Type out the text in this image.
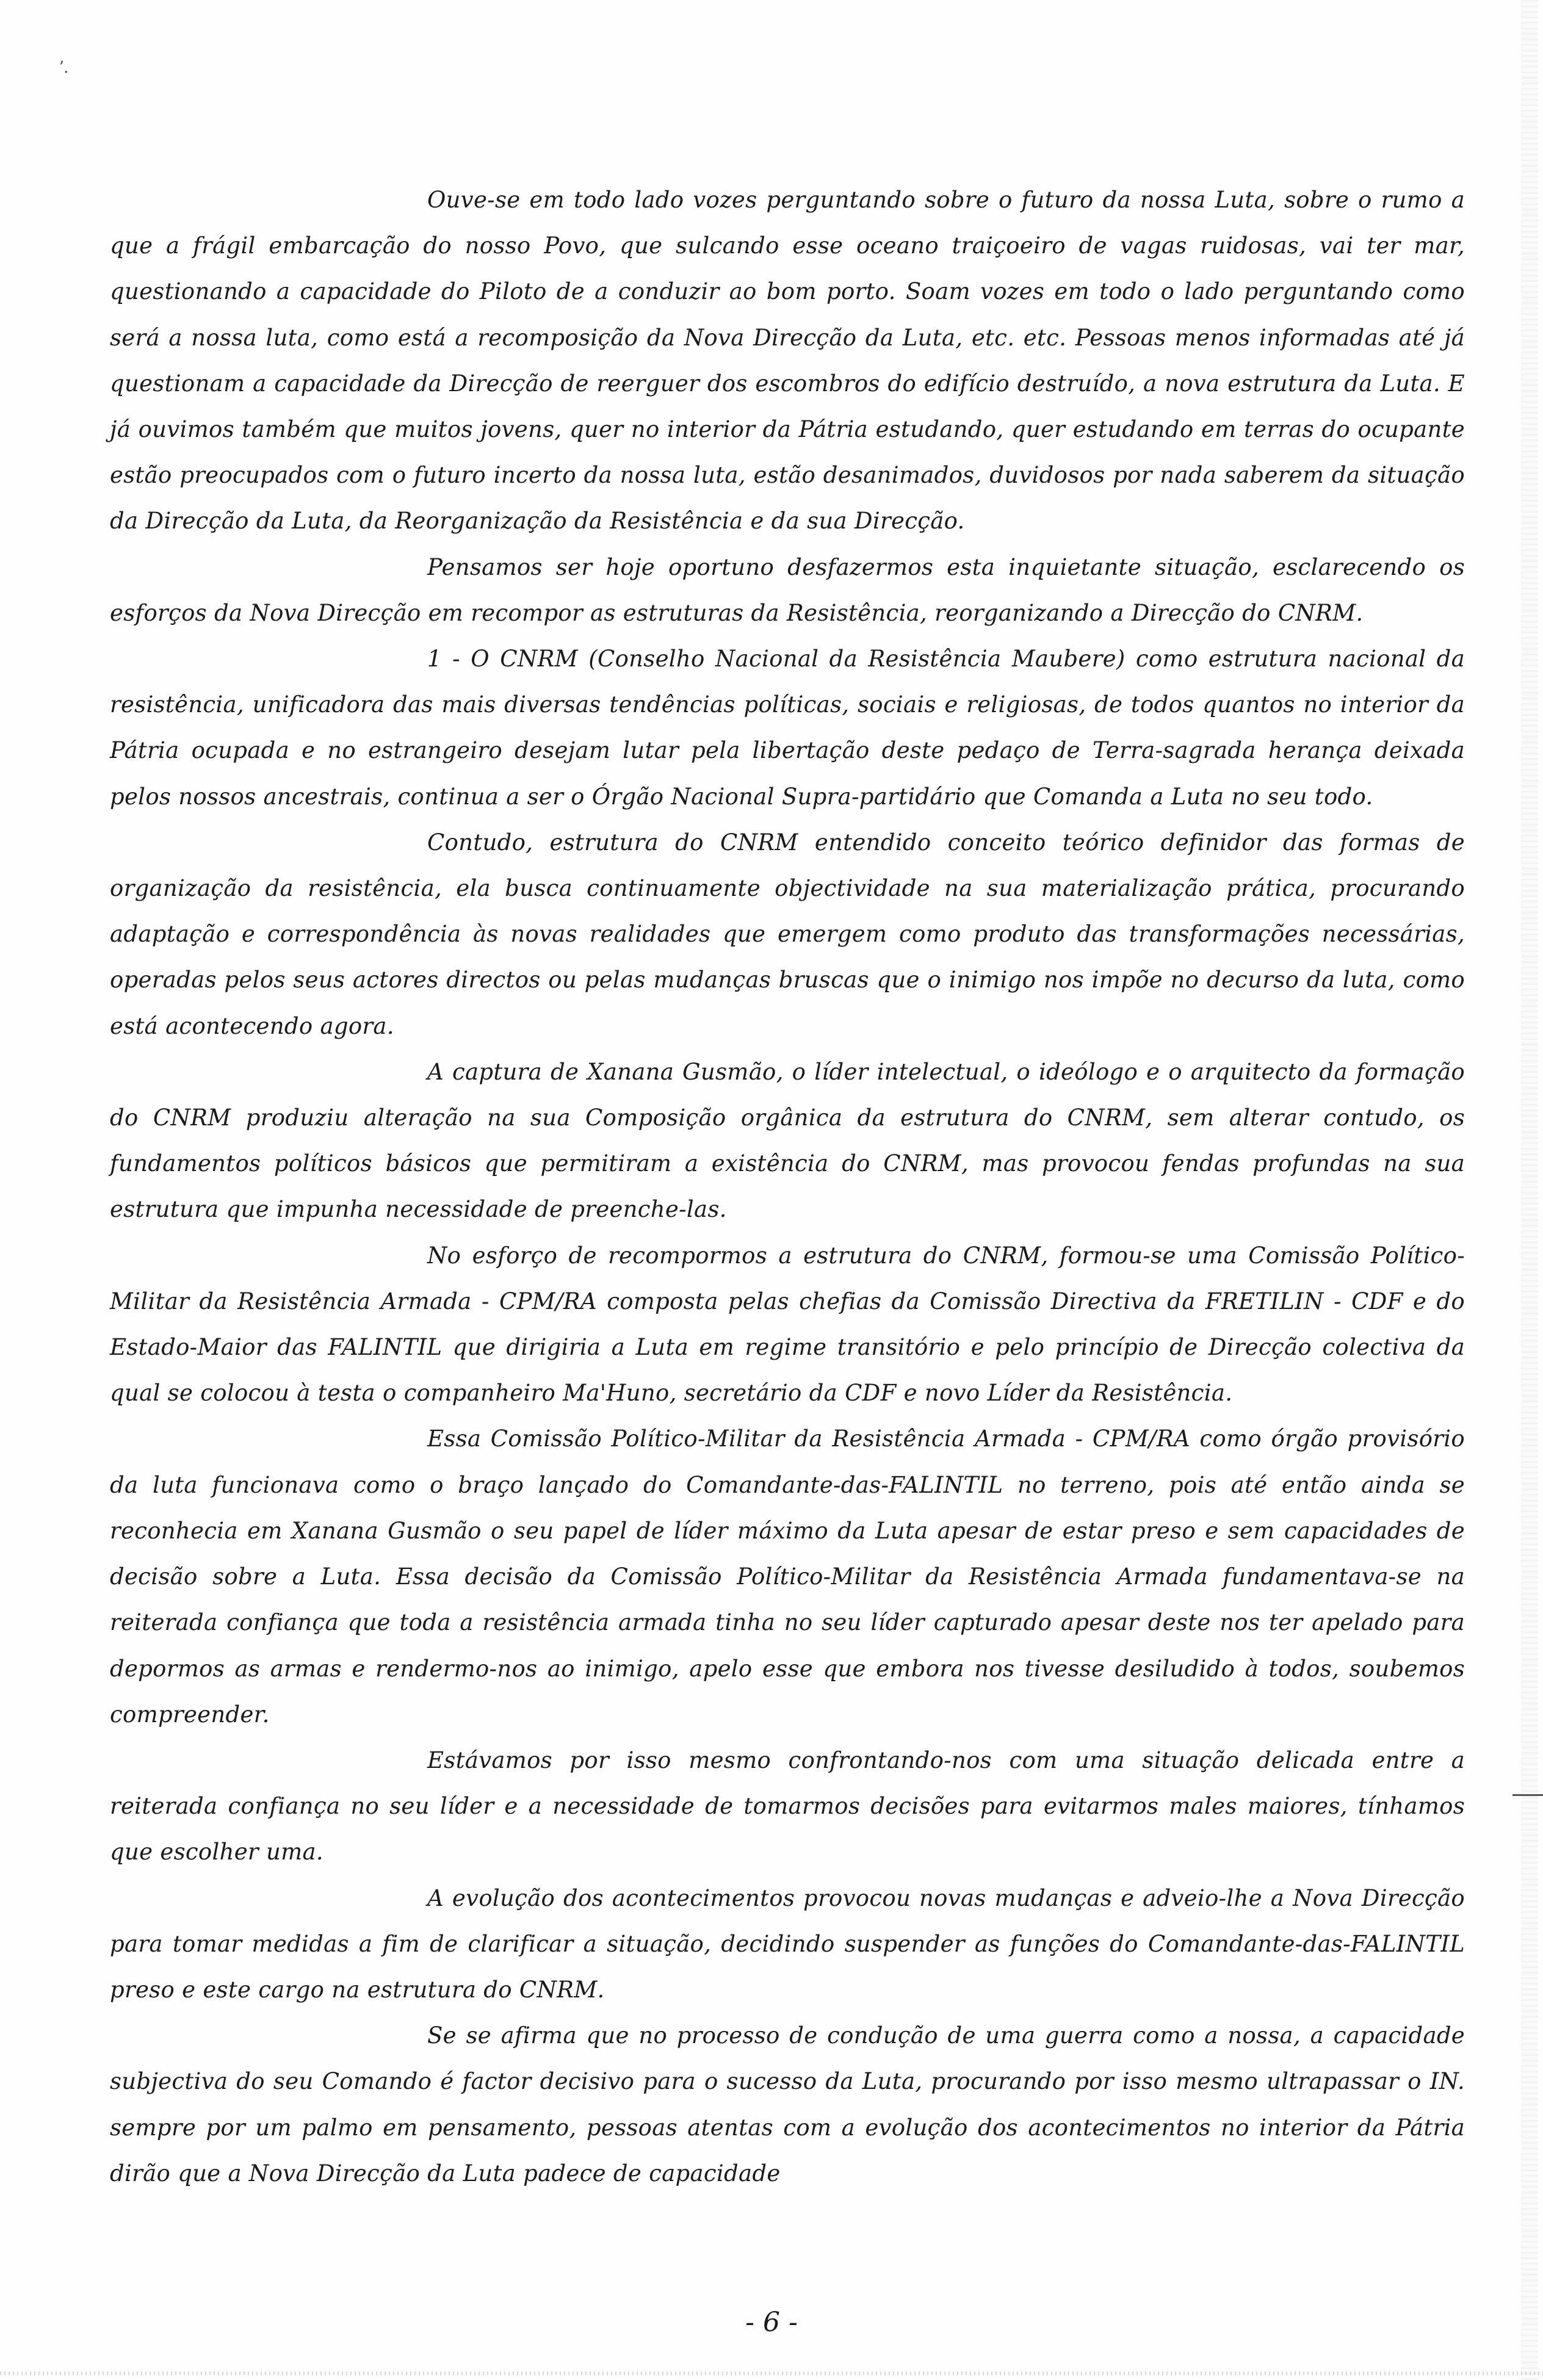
ʼ.

Ouve-se em todo lado vozes perguntando sobre o futuro da nossa Luta, sobre o rumo a que a frágil embarcação do nosso Povo, que sulcando esse oceano traiçoeiro de vagas ruidosas, vai ter mar, questionando a capacidade do Piloto de a conduzir ao bom porto. Soam vozes em todo o lado perguntando como será a nossa luta, como está a recomposição da Nova Direcção da Luta, etc. etc. Pessoas menos informadas até já questionam a capacidade da Direcção de reerguer dos escombros do edifício destruído, a nova estrutura da Luta. E já ouvimos também que muitos jovens, quer no interior da Pátria estudando, quer estudando em terras do ocupante estão preocupados com o futuro incerto da nossa luta, estão desanimados, duvidosos por nada saberem da situação da Direcção da Luta, da Reorganização da Resistência e da sua Direcção.

Pensamos ser hoje oportuno desfazermos esta inquietante situação, esclarecendo os esforços da Nova Direcção em recompor as estruturas da Resistência, reorganizando a Direcção do CNRM.

1 - O CNRM (Conselho Nacional da Resistência Maubere) como estrutura nacional da resistência, unificadora das mais diversas tendências políticas, sociais e religiosas, de todos quantos no interior da Pátria ocupada e no estrangeiro desejam lutar pela libertação deste pedaço de Terra-sagrada herança deixada pelos nossos ancestrais, continua a ser o Órgão Nacional Supra-partidário que Comanda a Luta no seu todo.

Contudo, estrutura do CNRM entendido conceito teórico definidor das formas de organização da resistência, ela busca continuamente objectividade na sua materialização prática, procurando adaptação e correspondência às novas realidades que emergem como produto das transformações necessárias, operadas pelos seus actores directos ou pelas mudanças bruscas que o inimigo nos impõe no decurso da luta, como está acontecendo agora.

A captura de Xanana Gusmão, o líder intelectual, o ideólogo e o arquitecto da formação do CNRM produziu alteração na sua Composição orgânica da estrutura do CNRM, sem alterar contudo, os fundamentos políticos básicos que permitiram a existência do CNRM, mas provocou fendas profundas na sua estrutura que impunha necessidade de preenche-las.

No esforço de recompormos a estrutura do CNRM, formou-se uma Comissão Político-Militar da Resistência Armada - CPM/RA composta pelas chefias da Comissão Directiva da FRETILIN - CDF e do Estado-Maior das FALINTIL que dirigiria a Luta em regime transitório e pelo princípio de Direcção colectiva da qual se colocou à testa o companheiro Ma'Huno, secretário da CDF e novo Líder da Resistência.

Essa Comissão Político-Militar da Resistência Armada - CPM/RA como órgão provisório da luta funcionava como o braço lançado do Comandante-das-FALINTIL no terreno, pois até então ainda se reconhecia em Xanana Gusmão o seu papel de líder máximo da Luta apesar de estar preso e sem capacidades de decisão sobre a Luta. Essa decisão da Comissão Político-Militar da Resistência Armada fundamentava-se na reiterada confiança que toda a resistência armada tinha no seu líder capturado apesar deste nos ter apelado para depormos as armas e rendermo-nos ao inimigo, apelo esse que embora nos tivesse desiludido à todos, soubemos compreender.

Estávamos por isso mesmo confrontando-nos com uma situação delicada entre a reiterada confiança no seu líder e a necessidade de tomarmos decisões para evitarmos males maiores, tínhamos que escolher uma.

A evolução dos acontecimentos provocou novas mudanças e adveio-lhe a Nova Direcção para tomar medidas a fim de clarificar a situação, decidindo suspender as funções do Comandante-das-FALINTIL preso e este cargo na estrutura do CNRM.

Se se afirma que no processo de condução de uma guerra como a nossa, a capacidade subjectiva do seu Comando é factor decisivo para o sucesso da Luta, procurando por isso mesmo ultrapassar o IN. sempre por um palmo em pensamento, pessoas atentas com a evolução dos acontecimentos no interior da Pátria dirão que a Nova Direcção da Luta padece de capacidade

- 6 -
